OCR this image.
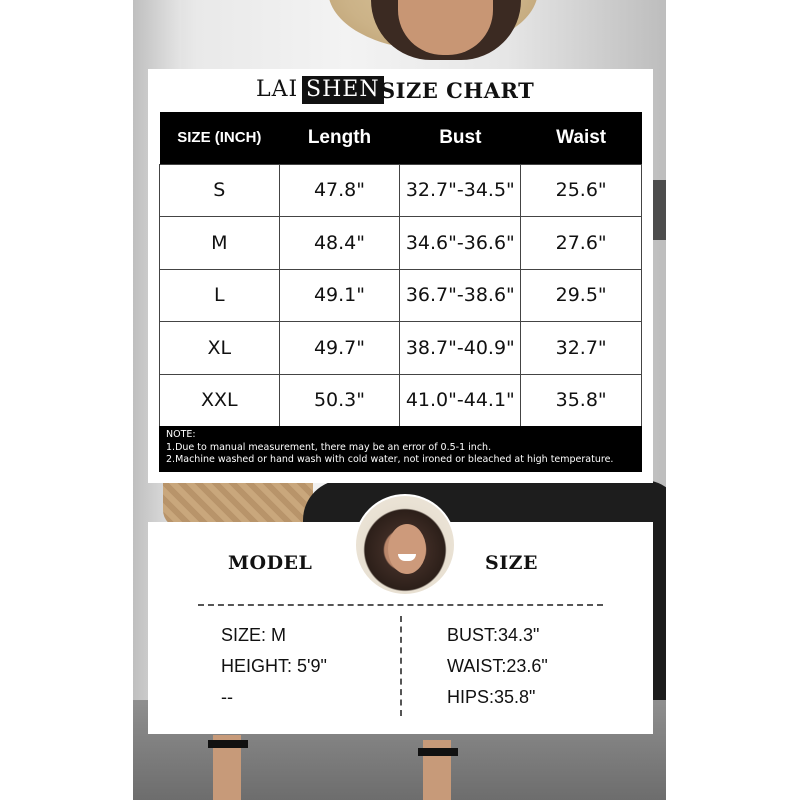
LAI SHEN SIZE CHART
SIZE (INCH)	Length	Bust	Waist
S	47.8"	32.7"-34.5"	25.6"
M	48.4"	34.6"-36.6"	27.6"
L	49.1"	36.7"-38.6"	29.5"
XL	49.7"	38.7"-40.9"	32.7"
XXL	50.3"	41.0"-44.1"	35.8"
NOTE:
1.Due to manual measurement, there may be an error of 0.5-1 inch.
2.Machine washed or hand wash with cold water, not ironed or bleached at high temperature.
MODEL	SIZE
SIZE: M
HEIGHT: 5'9"
--
BUST:34.3"
WAIST:23.6"
HIPS:35.8"
